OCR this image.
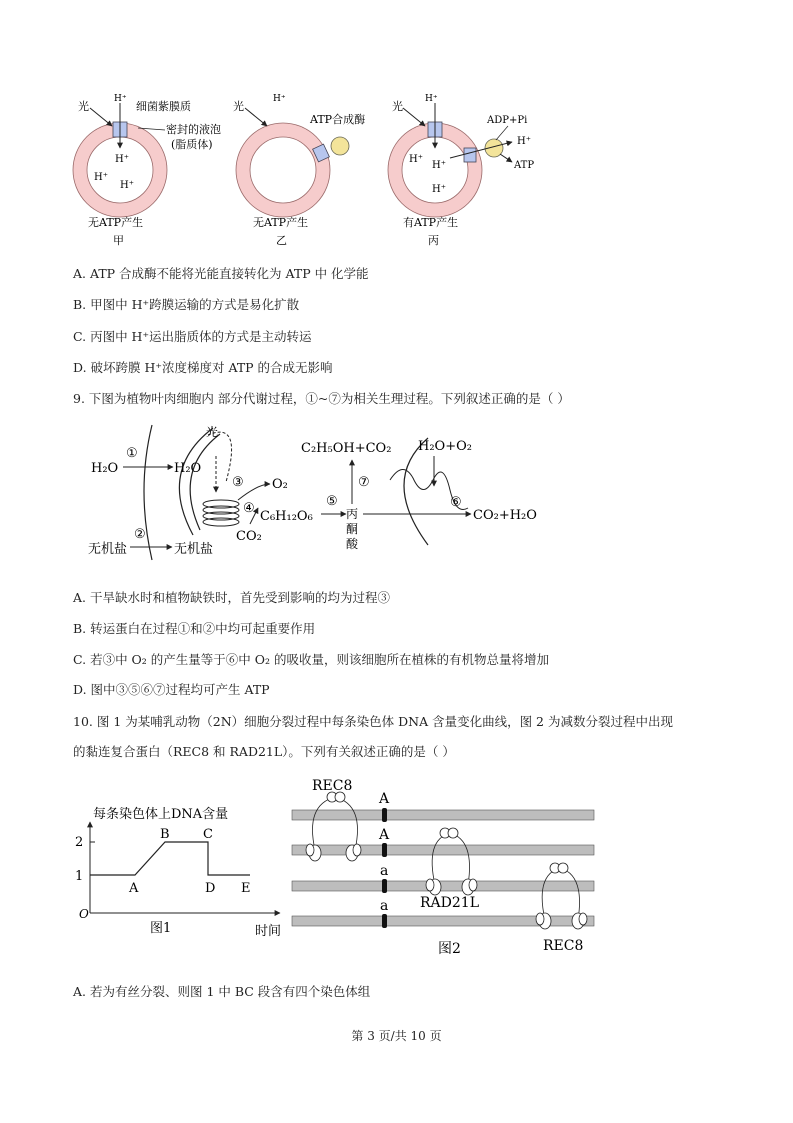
光
H⁺
细菌紫膜质
密封的液泡
(脂质体)
H⁺
H⁺
H⁺
无ATP产生
甲
光
H⁺
ATP合成酶
无ATP产生
乙
光
H⁺
H⁺
H⁺
H⁺
ADP+Pi
H⁺
ATP
有ATP产生
丙
A. ATP 合成酶不能将光能直接转化为 ATP 中 化学能
B. 甲图中 H⁺跨膜运输的方式是易化扩散
C. 丙图中 H⁺运出脂质体的方式是主动转运
D. 破坏跨膜 H⁺浓度梯度对 ATP 的合成无影响
9. 下图为植物叶肉细胞内 部分代谢过程，①~⑦为相关生理过程。下列叙述正确的是（ ）
光
H₂O
①
H₂O
③ O₂
④
CO₂
C₆H₁₂O₆
⑤
丙
酮
酸
⑦
C₂H₅OH+CO₂ H₂O+O₂
⑥
CO₂+H₂O
无机盐
②
无机盐
A. 干旱缺水时和植物缺铁时，首先受到影响的均为过程③
B. 转运蛋白在过程①和②中均可起重要作用
C. 若③中 O₂ 的产生量等于⑥中 O₂ 的吸收量，则该细胞所在植株的有机物总量将增加
D. 图中③⑤⑥⑦过程均可产生 ATP
10. 图 1 为某哺乳动物（2N）细胞分裂过程中每条染色体 DNA 含量变化曲线，图 2 为减数分裂过程中出现
的黏连复合蛋白（REC8 和 RAD21L）。下列有关叙述正确的是（ ）
每条染色体上DNA含量
2
1
A
B	C
D E
O
时间
图1
REC8
A
A
a
a RAD21L
REC8
图2
A. 若为有丝分裂、则图 1 中 BC 段含有四个染色体组
第 3 页/共 10 页
